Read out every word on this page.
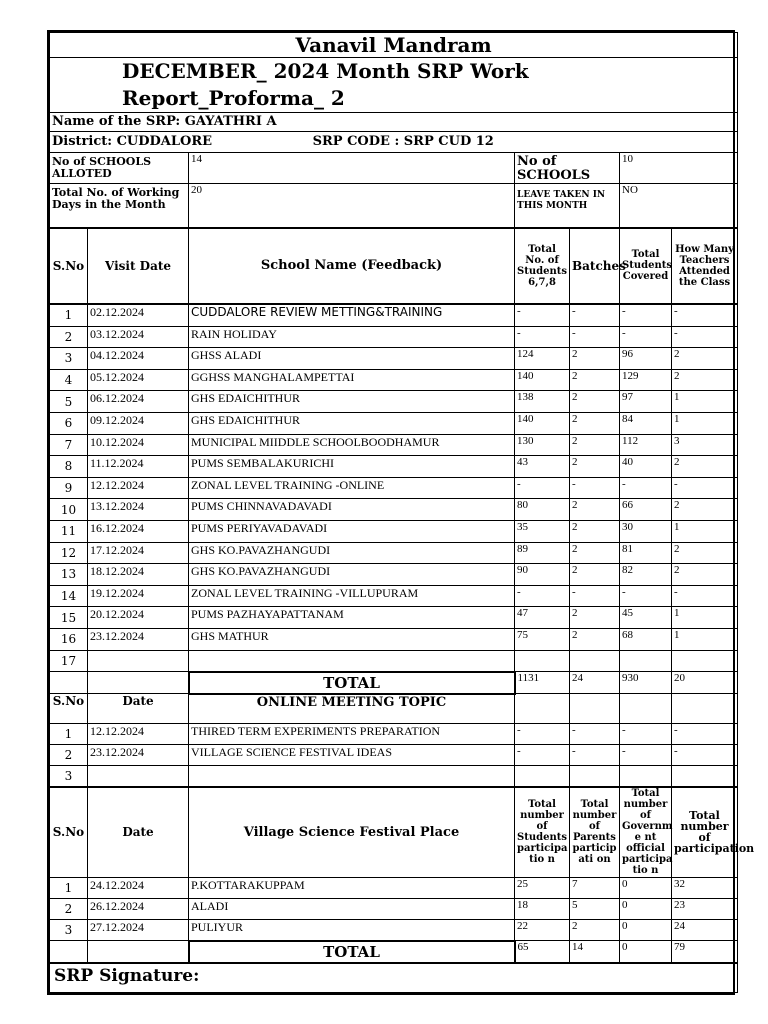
Vanavil Mandram						

DECEMBER_ 2024 Month SRP Work
Report_Proforma_ 2						

Name of the SRP: GAYATHRI A						
District: CUDDALORE SRP CODE : SRP CUD 12						
No of SCHOOLS ALLOTED		14	No of SCHOOLS		10	
Total No. of Working Days in the Month		20	LEAVE TAKEN IN THIS MONTH		NO	
S.No	Visit Date	School Name (Feedback)	Total No. of Students 6,7,8	Batches	Total Students Covered	How Many Teachers Attended the Class
1	02.12.2024	CUDDALORE REVIEW METTING&TRAINING	-	-	-	-
2	03.12.2024	RAIN HOLIDAY	-	-	-	-
3	04.12.2024	GHSS ALADI	124	2	96	2
4	05.12.2024	GGHSS MANGHALAMPETTAI	140	2	129	2
5	06.12.2024	GHS EDAICHITHUR	138	2	97	1
6	09.12.2024	GHS EDAICHITHUR	140	2	84	1
7	10.12.2024	MUNICIPAL MIIDDLE SCHOOLBOODHAMUR	130	2	112	3
8	11.12.2024	PUMS SEMBALAKURICHI	43	2	40	2
9	12.12.2024	ZONAL LEVEL TRAINING -ONLINE	-	-	-	-
10	13.12.2024	PUMS CHINNAVADAVADI	80	2	66	2
11	16.12.2024	PUMS PERIYAVADAVADI	35	2	30	1
12	17.12.2024	GHS KO.PAVAZHANGUDI	89	2	81	2
13	18.12.2024	GHS KO.PAVAZHANGUDI	90	2	82	2
14	19.12.2024	ZONAL LEVEL TRAINING -VILLUPURAM	-	-	-	-
15	20.12.2024	PUMS PAZHAYAPATTANAM	47	2	45	1
16	23.12.2024	GHS MATHUR	75	2	68	1
17						
		TOTAL	1131	24	930	20
S.No	Date	ONLINE MEETING TOPIC				
1	12.12.2024	THIRED TERM EXPERIMENTS PREPARATION	-	-	-	-
2	23.12.2024	VILLAGE SCIENCE FESTIVAL IDEAS	-	-	-	-
3						
S.No	Date	Village Science Festival Place	Total number of Students participa tio n	Total number of Parents particip ati on	Total number of Governm e nt official participa tio n	Total number of participation
1	24.12.2024	P.KOTTARAKUPPAM	25	7	0	32
2	26.12.2024	ALADI	18	5	0	23
3	27.12.2024	PULIYUR	22	2	0	24
		TOTAL	65	14	0	79
SRP Signature:						
